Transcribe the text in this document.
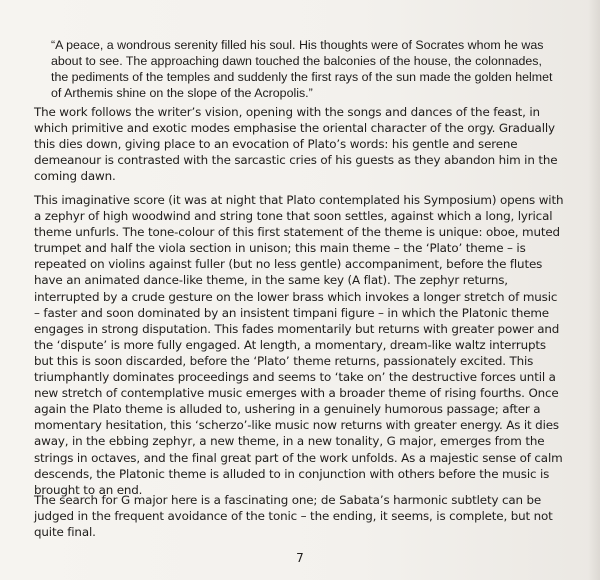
“A peace, a wondrous serenity filled his soul. His thoughts were of Socrates whom he was about to see. The approaching dawn touched the balconies of the house, the colonnades, the pediments of the temples and suddenly the first rays of the sun made the golden helmet of Arthemis shine on the slope of the Acropolis.”

The work follows the writer’s vision, opening with the songs and dances of the feast, in which primitive and exotic modes emphasise the oriental character of the orgy. Gradually this dies down, giving place to an evocation of Plato’s words: his gentle and serene demeanour is contrasted with the sarcastic cries of his guests as they abandon him in the coming dawn.

This imaginative score (it was at night that Plato contemplated his Symposium) opens with a zephyr of high woodwind and string tone that soon settles, against which a long, lyrical theme unfurls. The tone-colour of this first statement of the theme is unique: oboe, muted trumpet and half the viola section in unison; this main theme – the ‘Plato’ theme – is repeated on violins against fuller (but no less gentle) accompaniment, before the flutes have an animated dance-like theme, in the same key (A flat). The zephyr returns, interrupted by a crude gesture on the lower brass which invokes a longer stretch of music – faster and soon dominated by an insistent timpani figure – in which the Platonic theme engages in strong disputation. This fades momentarily but returns with greater power and the ‘dispute’ is more fully engaged. At length, a momentary, dream-like waltz interrupts but this is soon discarded, before the ‘Plato’ theme returns, passionately excited. This triumphantly dominates proceedings and seems to ‘take on’ the destructive forces until a new stretch of contemplative music emerges with a broader theme of rising fourths. Once again the Plato theme is alluded to, ushering in a genuinely humorous passage; after a momentary hesitation, this ‘scherzo’-like music now returns with greater energy. As it dies away, in the ebbing zephyr, a new theme, in a new tonality, G major, emerges from the strings in octaves, and the final great part of the work unfolds. As a majestic sense of calm descends, the Platonic theme is alluded to in conjunction with others before the music is brought to an end.

The search for G major here is a fascinating one; de Sabata’s harmonic subtlety can be judged in the frequent avoidance of the tonic – the ending, it seems, is complete, but not quite final.

7
